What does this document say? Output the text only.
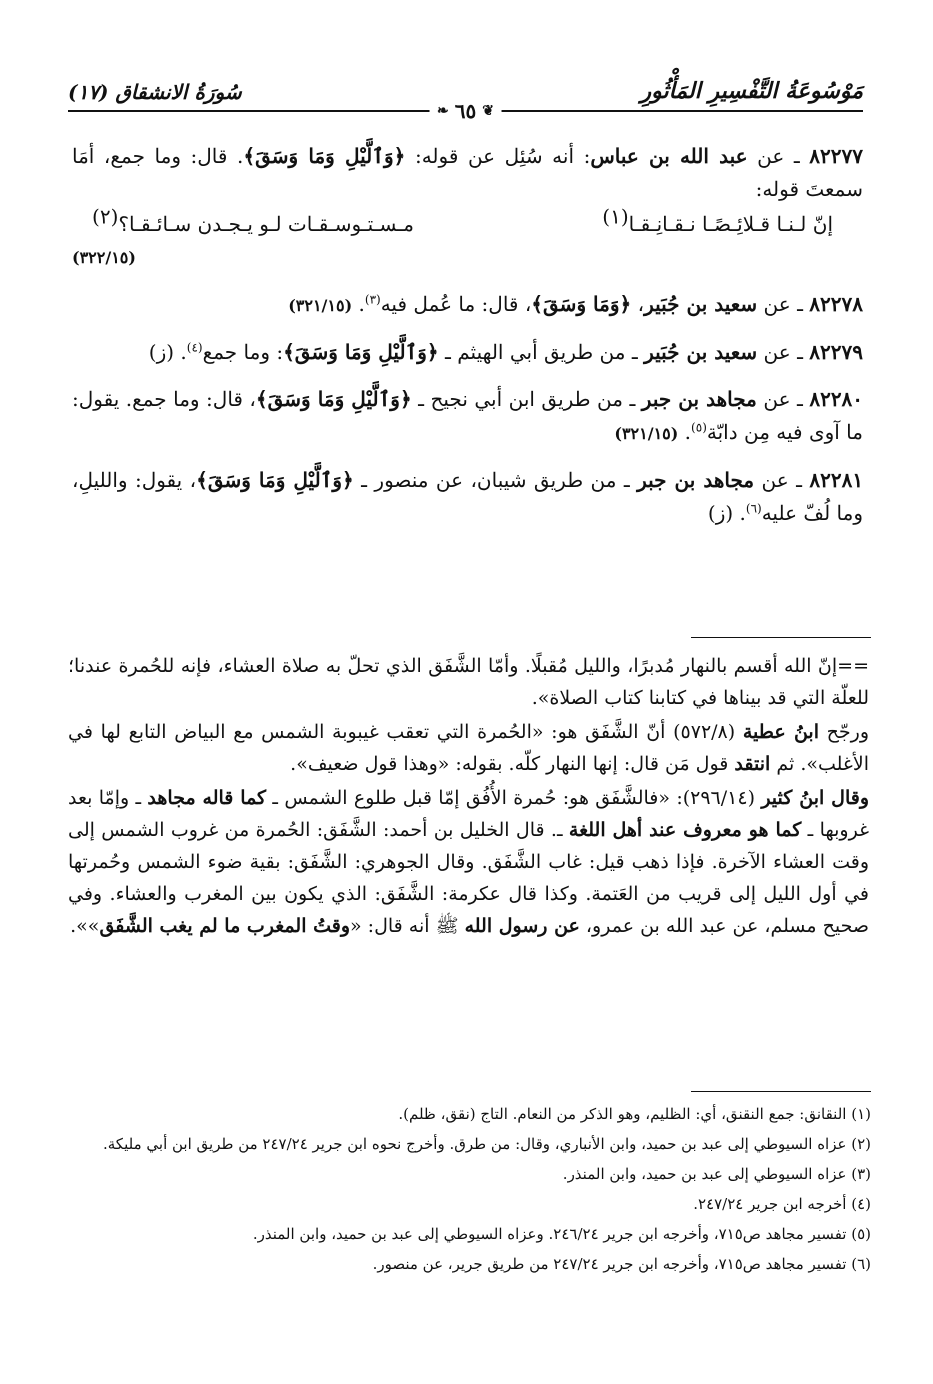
مَوْسُوعَةُ التَّفْسِيرِ المَأْثُورِ
سُورَةُ الانشقاق (١٧)
❦
٦٥
❧
٨٢٢٧٧ ـ عن عبد الله بن عباس: أنه سُئِل عن قوله: ﴿وَٱلَّيْلِ وَمَا وَسَقَ﴾. قال: وما جمع، أمَا سمعتَ قوله:
إنّ لـنـا قـلائِـصًـا نـقـانِـقـا(١)
مـسـتـوسـقـات لـو يـجـدن سـائـقـا؟(٢)
(٣٢٢/١٥)
٨٢٢٧٨ ـ عن سعيد بن جُبَير، ﴿وَمَا وَسَقَ﴾، قال: ما عُمل فيه$^{(٣)}$. (٣٢١/١٥)
٨٢٢٧٩ ـ عن سعيد بن جُبَير ـ من طريق أبي الهيثم ـ ﴿وَٱلَّيْلِ وَمَا وَسَقَ﴾: وما جمع$^{(٤)}$. (ز)
٨٢٢٨٠ ـ عن مجاهد بن جبر ـ من طريق ابن أبي نجيح ـ ﴿وَٱلَّيْلِ وَمَا وَسَقَ﴾، قال: وما جمع. يقول: ما آوى فيه مِن دابّة$^{(٥)}$. (٣٢١/١٥)
٨٢٢٨١ ـ عن مجاهد بن جبر ـ من طريق شيبان، عن منصور ـ ﴿وَٱلَّيْلِ وَمَا وَسَقَ﴾، يقول: والليلِ، وما لُفّ عليه$^{(٦)}$. (ز)

==إنّ الله أقسم بالنهار مُدبرًا، والليل مُقبلًا. وأمّا الشَّفَق الذي تحلّ به صلاة العشاء، فإنه للحُمرة عندنا؛ للعلّة التي قد بيناها في كتابنا كتاب الصلاة».

ورجّح ابنُ عطية (٥٧٢/٨) أنّ الشَّفَق هو: «الحُمرة التي تعقب غيبوبة الشمس مع البياض التابع لها في الأغلب». ثم انتقد قول مَن قال: إنها النهار كلّه. بقوله: «وهذا قول ضعيف».

وقال ابنُ كثير (٢٩٦/١٤): «فالشَّفَق هو: حُمرة الأُفُق إمّا قبل طلوع الشمس ـ كما قاله مجاهد ـ وإمّا بعد غروبها ـ كما هو معروف عند أهل اللغة ـ. قال الخليل بن أحمد: الشَّفَق: الحُمرة من غروب الشمس إلى وقت العشاء الآخرة. فإذا ذهب قيل: غاب الشَّفَق. وقال الجوهري: الشَّفَق: بقية ضوء الشمس وحُمرتها في أول الليل إلى قريب من العَتمة. وكذا قال عكرمة: الشَّفَق: الذي يكون بين المغرب والعشاء. وفي صحيح مسلم، عن عبد الله بن عمرو، عن رسول الله ﷺ أنه قال: «وقتُ المغرب ما لم يغب الشَّفَق»».

(١) النقانق: جمع النقنق، أي: الظليم، وهو الذكر من النعام. التاج (نقق، ظلم).

(٢) عزاه السيوطي إلى عبد بن حميد، وابن الأنباري، وقال: من طرق. وأخرج نحوه ابن جرير ٢٤٧/٢٤ من طريق ابن أبي مليكة.

(٣) عزاه السيوطي إلى عبد بن حميد، وابن المنذر.

(٤) أخرجه ابن جرير ٢٤٧/٢٤.

(٥) تفسير مجاهد ص٧١٥، وأخرجه ابن جرير ٢٤٦/٢٤. وعزاه السيوطي إلى عبد بن حميد، وابن المنذر.

(٦) تفسير مجاهد ص٧١٥، وأخرجه ابن جرير ٢٤٧/٢٤ من طريق جرير، عن منصور.
